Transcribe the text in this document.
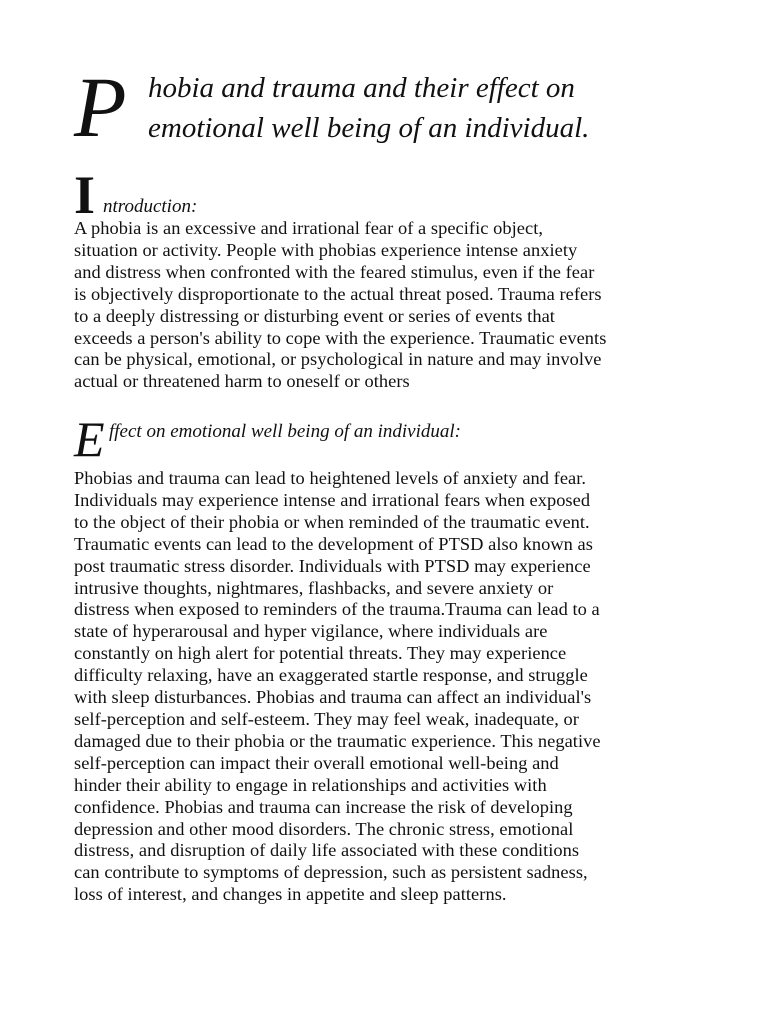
P hobia and trauma and their effect on
emotional well being of an individual.
I ntroduction:
A phobia is an excessive and irrational fear of a specific object,
situation or activity. People with phobias experience intense anxiety
and distress when confronted with the feared stimulus, even if the fear
is objectively disproportionate to the actual threat posed. Trauma refers
to a deeply distressing or disturbing event or series of events that
exceeds a person's ability to cope with the experience. Traumatic events
can be physical, emotional, or psychological in nature and may involve
actual or threatened harm to oneself or others
E ffect on emotional well being of an individual:
Phobias and trauma can lead to heightened levels of anxiety and fear.
Individuals may experience intense and irrational fears when exposed
to the object of their phobia or when reminded of the traumatic event.
Traumatic events can lead to the development of PTSD also known as
post traumatic stress disorder. Individuals with PTSD may experience
intrusive thoughts, nightmares, flashbacks, and severe anxiety or
distress when exposed to reminders of the trauma.Trauma can lead to a
state of hyperarousal and hyper vigilance, where individuals are
constantly on high alert for potential threats. They may experience
difficulty relaxing, have an exaggerated startle response, and struggle
with sleep disturbances. Phobias and trauma can affect an individual's
self-perception and self-esteem. They may feel weak, inadequate, or
damaged due to their phobia or the traumatic experience. This negative
self-perception can impact their overall emotional well-being and
hinder their ability to engage in relationships and activities with
confidence. Phobias and trauma can increase the risk of developing
depression and other mood disorders. The chronic stress, emotional
distress, and disruption of daily life associated with these conditions
can contribute to symptoms of depression, such as persistent sadness,
loss of interest, and changes in appetite and sleep patterns.
